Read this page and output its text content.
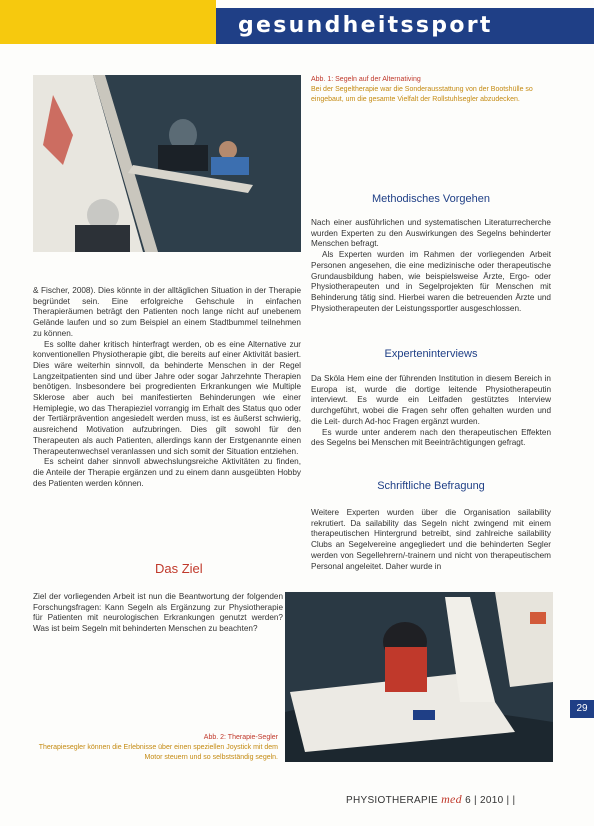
gesundheitssport
Abb. 1: Segeln auf der Alternativing
Bei der Segeltherapie war die Sonderausstattung von der Bootshülle so eingebaut, um die gesamte Vielfalt der Rollstuhlsegler abzudecken.

& Fischer, 2008). Dies könnte in der alltäglichen Situation in der Therapie begründet sein. Eine erfolgreiche Gehschule in einfachen Therapieräumen beträgt den Patienten noch lange nicht auf unebenem Gelände laufen und so zum Beispiel an einem Stadtbummel teilnehmen zu können.

Es sollte daher kritisch hinterfragt werden, ob es eine Alternative zur konventionellen Physiotherapie gibt, die bereits auf einer Aktivität basiert. Dies wäre weiterhin sinnvoll, da behinderte Menschen in der Regel Langzeitpatienten sind und über Jahre oder sogar Jahrzehnte Therapien benötigen. Insbesondere bei progredienten Erkrankungen wie Multiple Sklerose aber auch bei manifestierten Behinderungen wie einer Hemiplegie, wo das Therapieziel vorrangig im Erhalt des Status quo oder der Tertiärprävention angesiedelt werden muss, ist es äußerst schwierig, ausreichend Motivation aufzubringen. Dies gilt sowohl für den Therapeuten als auch Patienten, allerdings kann der Erstgenannte einen Therapeutenwechsel veranlassen und sich somit der Situation entziehen.

Es scheint daher sinnvoll abwechslungsreiche Aktivitäten zu finden, die Anteile der Therapie ergänzen und zu einem dann ausgeübten Hobby des Patienten werden können.

Das Ziel

Ziel der vorliegenden Arbeit ist nun die Beantwortung der folgenden Forschungsfragen: Kann Segeln als Ergänzung zur Physiotherapie für Patienten mit neurologischen Erkrankungen genutzt werden? Was ist beim Segeln mit behinderten Menschen zu beachten?

Methodisches Vorgehen

Nach einer ausführlichen und systematischen Literaturrecherche wurden Experten zu den Auswirkungen des Segelns behinderter Menschen befragt.

Als Experten wurden im Rahmen der vorliegenden Arbeit Personen angesehen, die eine medizinische oder therapeutische Grundausbildung haben, wie beispielsweise Ärzte, Ergo- oder Physiotherapeuten und in Segelprojekten für Menschen mit Behinderung tätig sind. Hierbei waren die betreuenden Ärzte und Physiotherapeuten der Leistungssportler ausgeschlossen.

Experteninterviews

Da Sköla Hem eine der führenden Institution in diesem Bereich in Europa ist, wurde die dortige leitende Physiotherapeutin interviewt. Es wurde ein Leitfaden gestütztes Interview durchgeführt, wobei die Fragen sehr offen gehalten wurden und die Leit- durch Ad-hoc Fragen ergänzt wurden.

Es wurde unter anderem nach den therapeutischen Effekten des Segelns bei Menschen mit Beeinträchtigungen gefragt.

Schriftliche Befragung

Weitere Experten wurden über die Organisation sailability rekrutiert. Da sailability das Segeln nicht zwingend mit einem therapeutischen Hintergrund betreibt, sind zahlreiche sailability Clubs an Segelvereine angegliedert und die behinderten Segler werden von Segellehrern/-trainern und nicht von therapeutischem Personal angeleitet. Daher wurde in

Abb. 2: Therapie-Segler
Therapiesegler können die Erlebnisse über einen speziellen Joystick mit dem Motor steuern und so selbstständig segeln.
29
PHYSIOTHERAPIE med 6 | 2010 | |
